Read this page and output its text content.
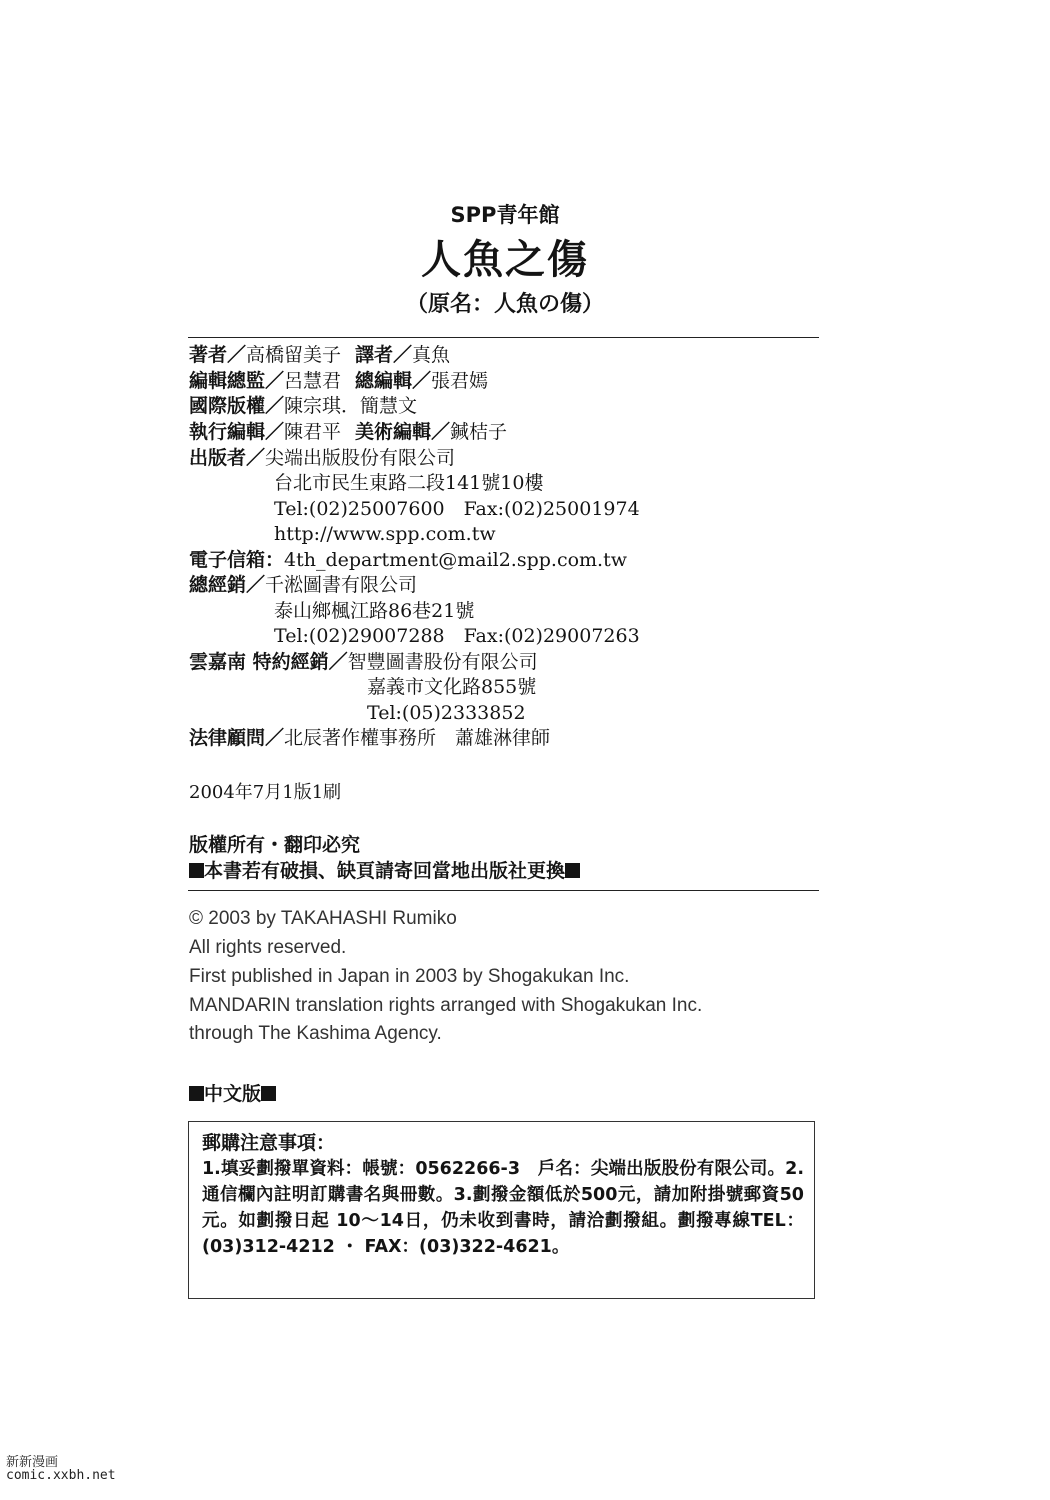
SPP青年館
人魚之傷
（原名：人魚の傷）
著者／高橋留美子 譯者／真魚
編輯總監／呂慧君 總編輯／張君嫣
國際版權／陳宗琪．簡慧文
執行編輯／陳君平 美術編輯／鍼桔子
出版者／尖端出版股份有限公司
台北市民生東路二段141號10樓
Tel:(02)25007600　Fax:(02)25001974
http://www.spp.com.tw
電子信箱：4th_department@mail2.spp.com.tw
總經銷／千淞圖書有限公司
泰山鄉楓江路86巷21號
Tel:(02)29007288　Fax:(02)29007263
雲嘉南 特約經銷／智豐圖書股份有限公司
嘉義市文化路855號
Tel:(05)2333852
法律顧問／北辰著作權事務所　蕭雄淋律師
2004年7月1版1刷
版權所有・翻印必究
本書若有破損、缺頁請寄回當地出版社更換
© 2003 by TAKAHASHI Rumiko
All rights reserved.
First published in Japan in 2003 by Shogakukan Inc.
MANDARIN translation rights arranged with Shogakukan Inc.
through The Kashima Agency.
中文版
郵購注意事項：
1.填妥劃撥單資料：帳號：0562266-3　戶名：尖端出版股份有限公司。2.通信欄內註明訂購書名與冊數。3.劃撥金額低於500元，請加附掛號郵資50元。如劃撥日起 10～14日，仍未收到書時，請洽劃撥組。劃撥專線TEL：(03)312-4212 ・ FAX：(03)322-4621。
新新漫画
comic.xxbh.net
